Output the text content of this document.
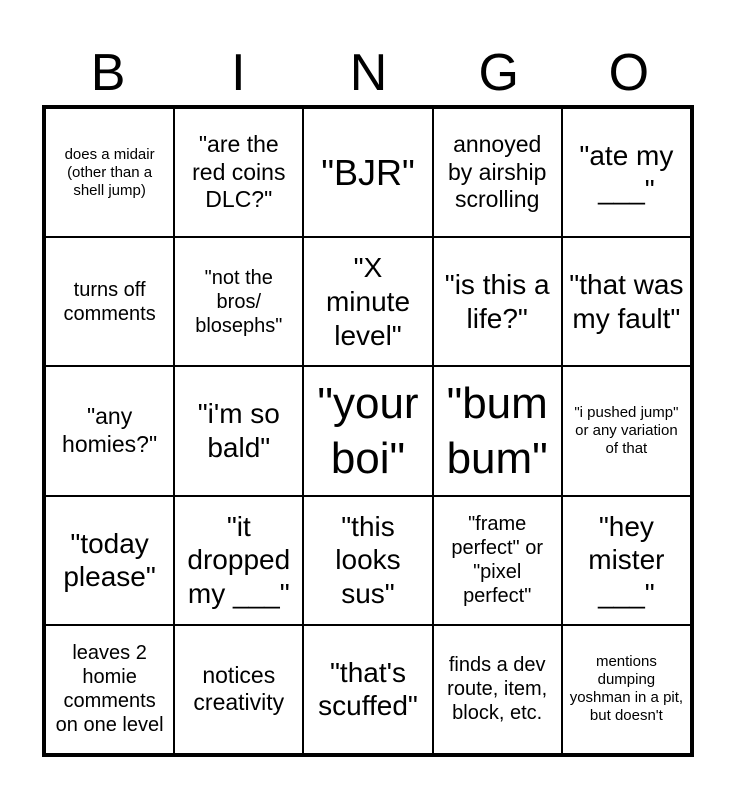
B	I	N	G	O
does a midair (other than a shell jump)
"are the red coins DLC?"
"BJR"
annoyed by airship scrolling
"ate my ___"
turns off comments
"not the bros/ blosephs"
"X minute level"
"is this a life?"
"that was my fault"
"any homies?"
"i'm so bald"
"your boi"
"bum bum"
"i pushed jump" or any variation of that
"today please"
"it dropped my ___"
"this looks sus"
"frame perfect" or "pixel perfect"
"hey mister ___"
leaves 2 homie comments on one level
notices creativity
"that's scuffed"
finds a dev route, item, block, etc.
mentions dumping yoshman in a pit, but doesn't
